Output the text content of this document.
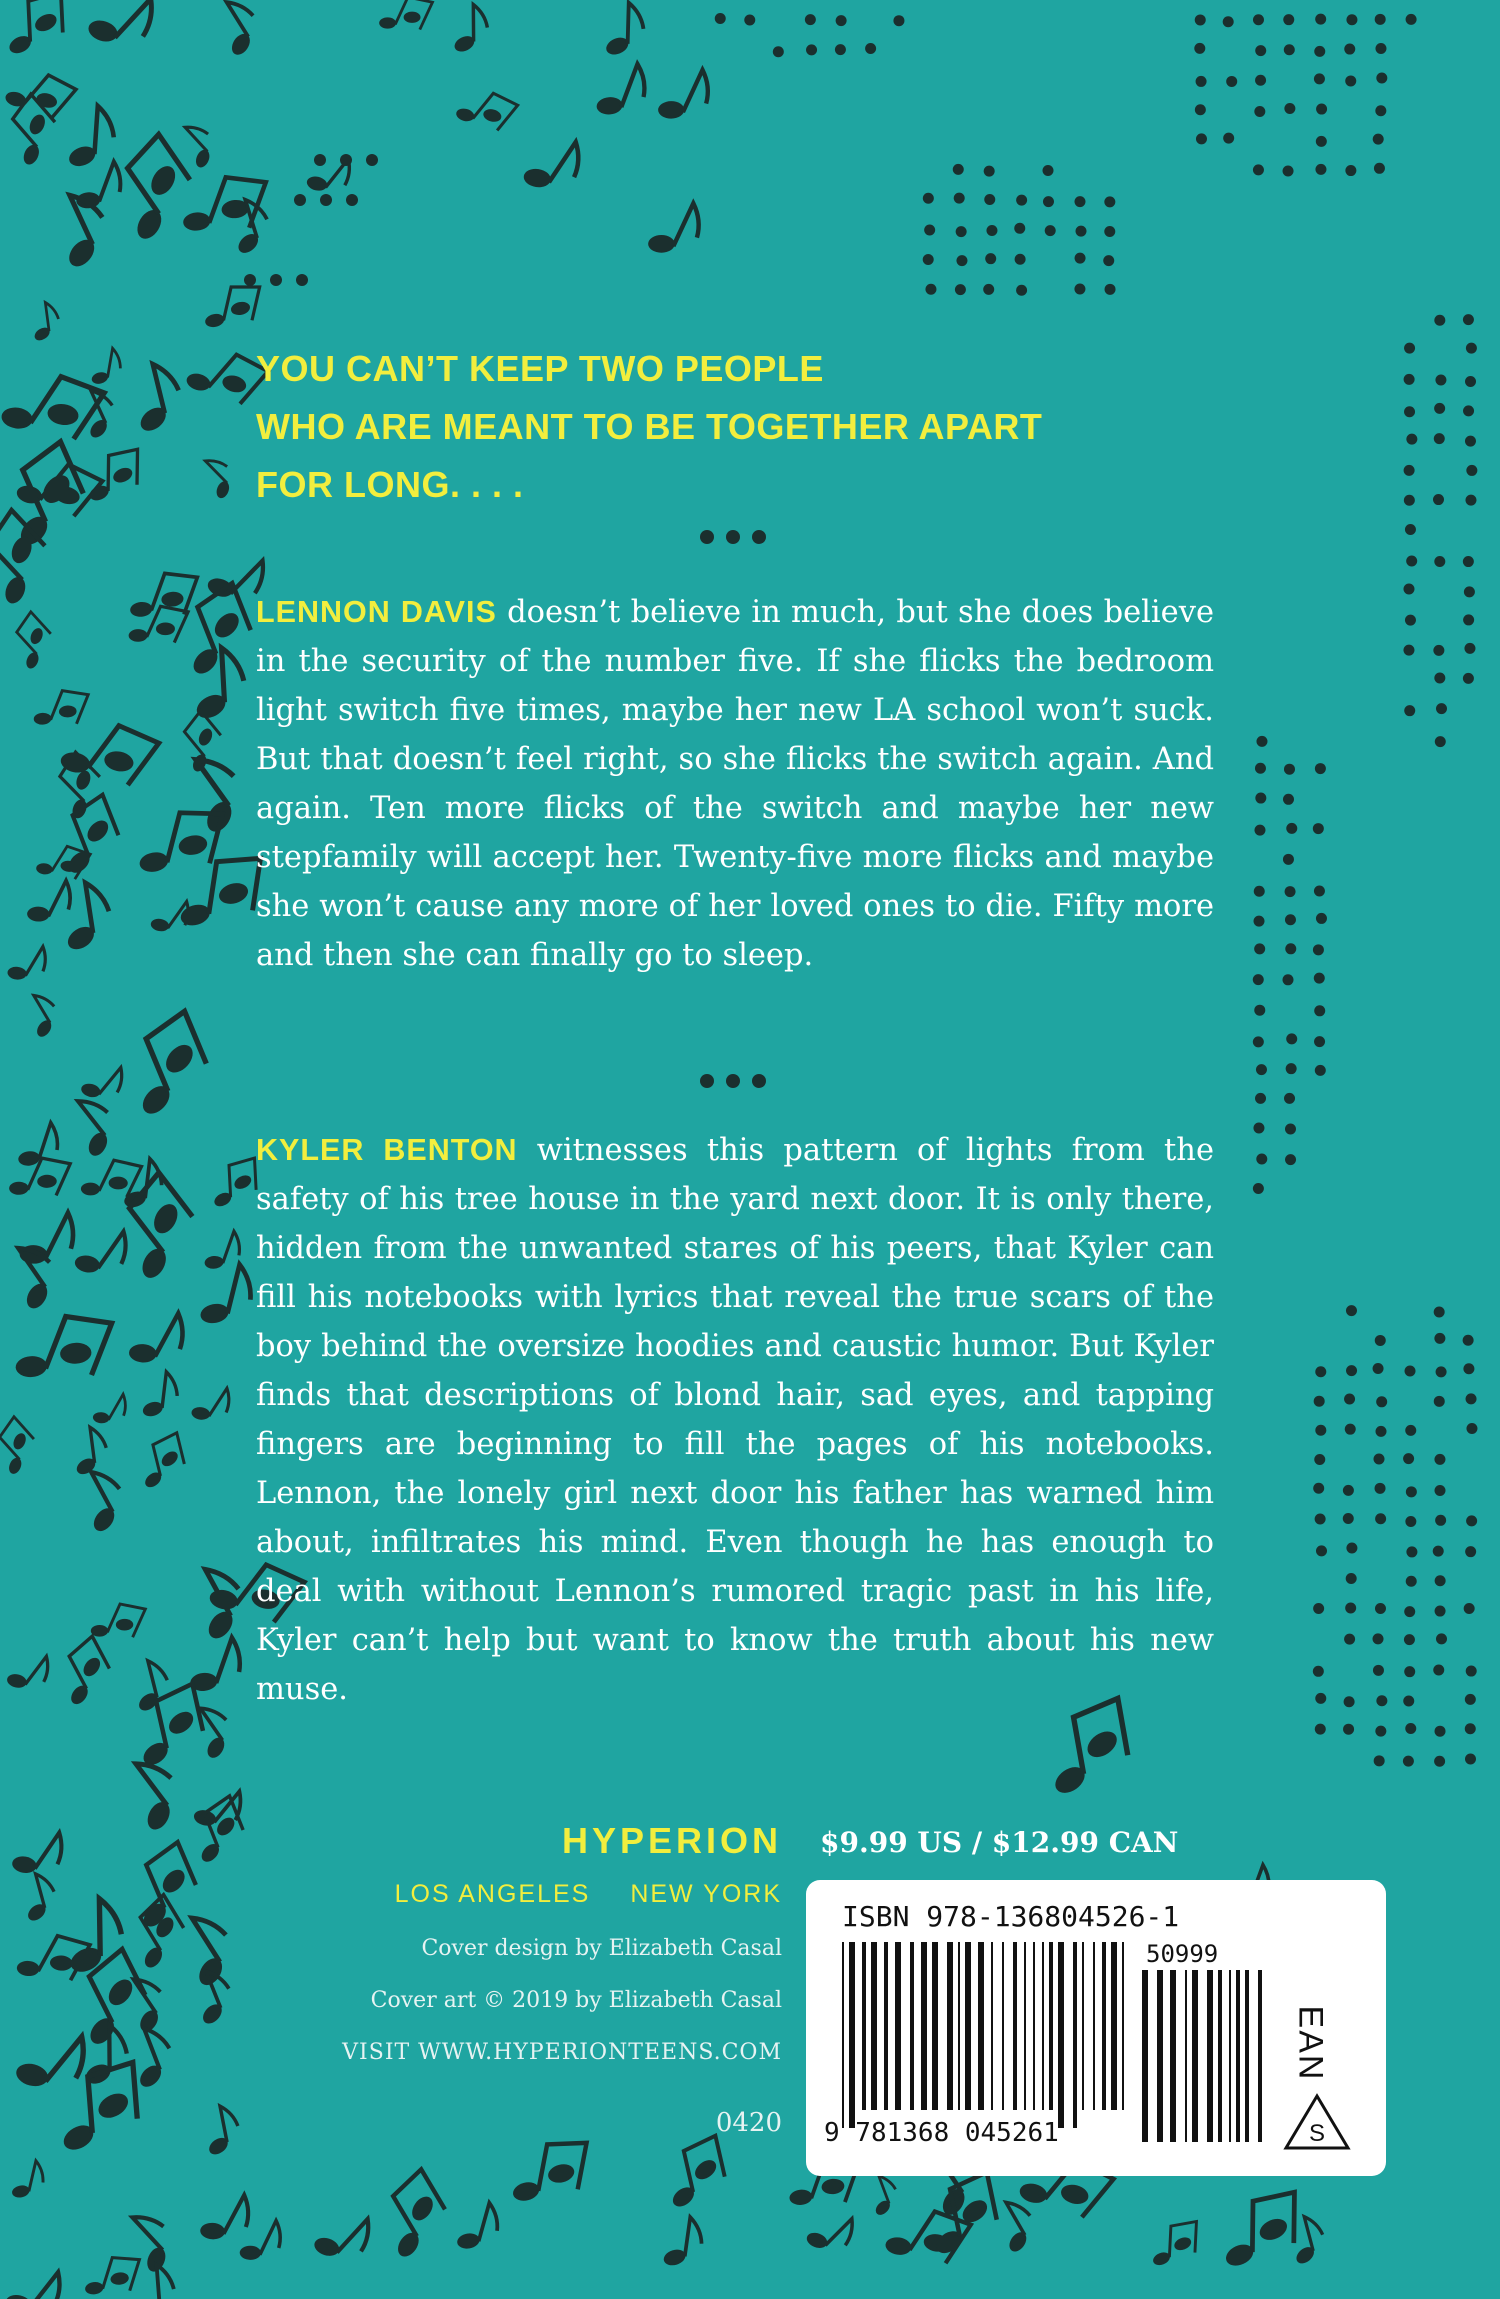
YOU CAN’T KEEP TWO PEOPLE
WHO ARE MEANT TO BE TOGETHER APART
FOR LONG. . . .
LENNON DAVIS doesn’t believe in much, but she does believe in the security of the number five. If she flicks the bedroom light switch five times, maybe her new LA school won’t suck. But that doesn’t feel right, so she flicks the switch again. And again. Ten more flicks of the switch and maybe her new stepfamily will accept her. Twenty-five more flicks and maybe she won’t cause any more of her loved ones to die. Fifty more and then she can finally go to sleep.
KYLER BENTON witnesses this pattern of lights from the safety of his tree house in the yard next door. It is only there, hidden from the unwanted stares of his peers, that Kyler can fill his notebooks with lyrics that reveal the true scars of the boy behind the oversize hoodies and caustic humor. But Kyler finds that descriptions of blond hair, sad eyes, and tapping fingers are beginning to fill the pages of his notebooks. Lennon, the lonely girl next door his father has warned him about, infiltrates his mind. Even though he has enough to deal with without Lennon’s rumored tragic past in his life, Kyler can’t help but want to know the truth about his new muse.
HYPERION
LOS ANGELES NEW YORK
Cover design by Elizabeth Casal
Cover art © 2019 by Elizabeth Casal
VISIT WWW.HYPERIONTEENS.COM
0420
$9.99 US / $12.99 CAN
ISBN 978-136804526-1
50999
9 781368 045261
EAN
S
